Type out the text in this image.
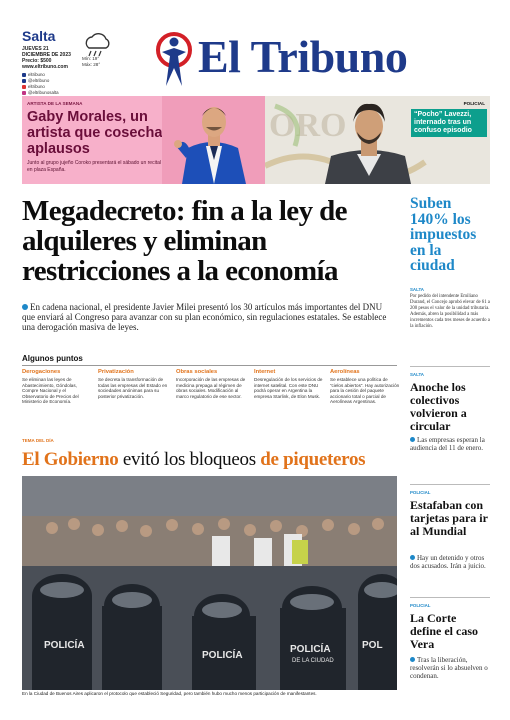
Salta
JUEVES 21
DICIEMBRE DE 2023
Precio: $500
www.eltribuno.com
eltribuno
@eltribuno
eltribuno
@eltribunosalta
Mín: 19°
Máx: 28° El Tribuno
ARTISTA DE LA SEMANA
Gaby Morales, un artista que cosecha aplausos
Junto al grupo jujeño Coroko presentará el sábado un recital en plaza España.
ORO
POLICIAL
“Pocho” Lavezzi, internado tras un confuso episodio
Megadecreto: fin a la ley de alquileres y eliminan restricciones a la economía
En cadena nacional, el presidente Javier Milei presentó los 30 artículos más importantes del DNU que enviará al Congreso para avanzar con su plan económico, sin regulaciones estatales. Se establece una derogación masiva de leyes.
Algunos puntos
Derogaciones
Se eliminan las leyes de Abastecimiento, Góndolas, Compre Nacional y el Observatorio de Precios del Ministerio de Economía.
Privatización
Se decreta la transformación de todas las empresas del Estado en sociedades anónimas para su posterior privatización.
Obras sociales
Incorporación de las empresas de medicina prepaga al régimen de obras sociales. Modificación al marco regulatorio de ese sector.
Internet
Desregulación de los servicios de internet satelital. Con este DNU podrá operar en Argentina la empresa Starlink, de Elon Musk.
Aerolíneas
Se establece una política de “cielos abiertos”. Hay autorización para la cesión del paquete accionario total o parcial de Aerolíneas Argentinas.
TEMA DEL DÍA
El Gobierno evitó los bloqueos de piqueteros
POLICÍA
POLICÍA
POLICÍA	POL
DE LA CIUDAD
En la Ciudad de Buenos Aires aplicaron el protocolo que estableció Seguridad, pero también hubo mucho menos participación de manifestantes.
Suben 140% los impuestos en la ciudad
SALTA
Por pedido del intendente Emiliano Durand, el Concejo aprobó elevar de 61 a 200 pesos el valor de la unidad tributaria. Además, abren la posibilidad a más incrementos cada tres meses de acuerdo a la inflación.
SALTA
Anoche los colectivos volvieron a circular
Las empresas esperan la audiencia del 11 de enero.
POLICIAL
Estafaban con tarjetas para ir al Mundial
Hay un detenido y otros dos acusados. Irán a juicio.
POLICIAL
La Corte define el caso Vera
Tras la liberación, resolverán si lo absuelven o condenan.
